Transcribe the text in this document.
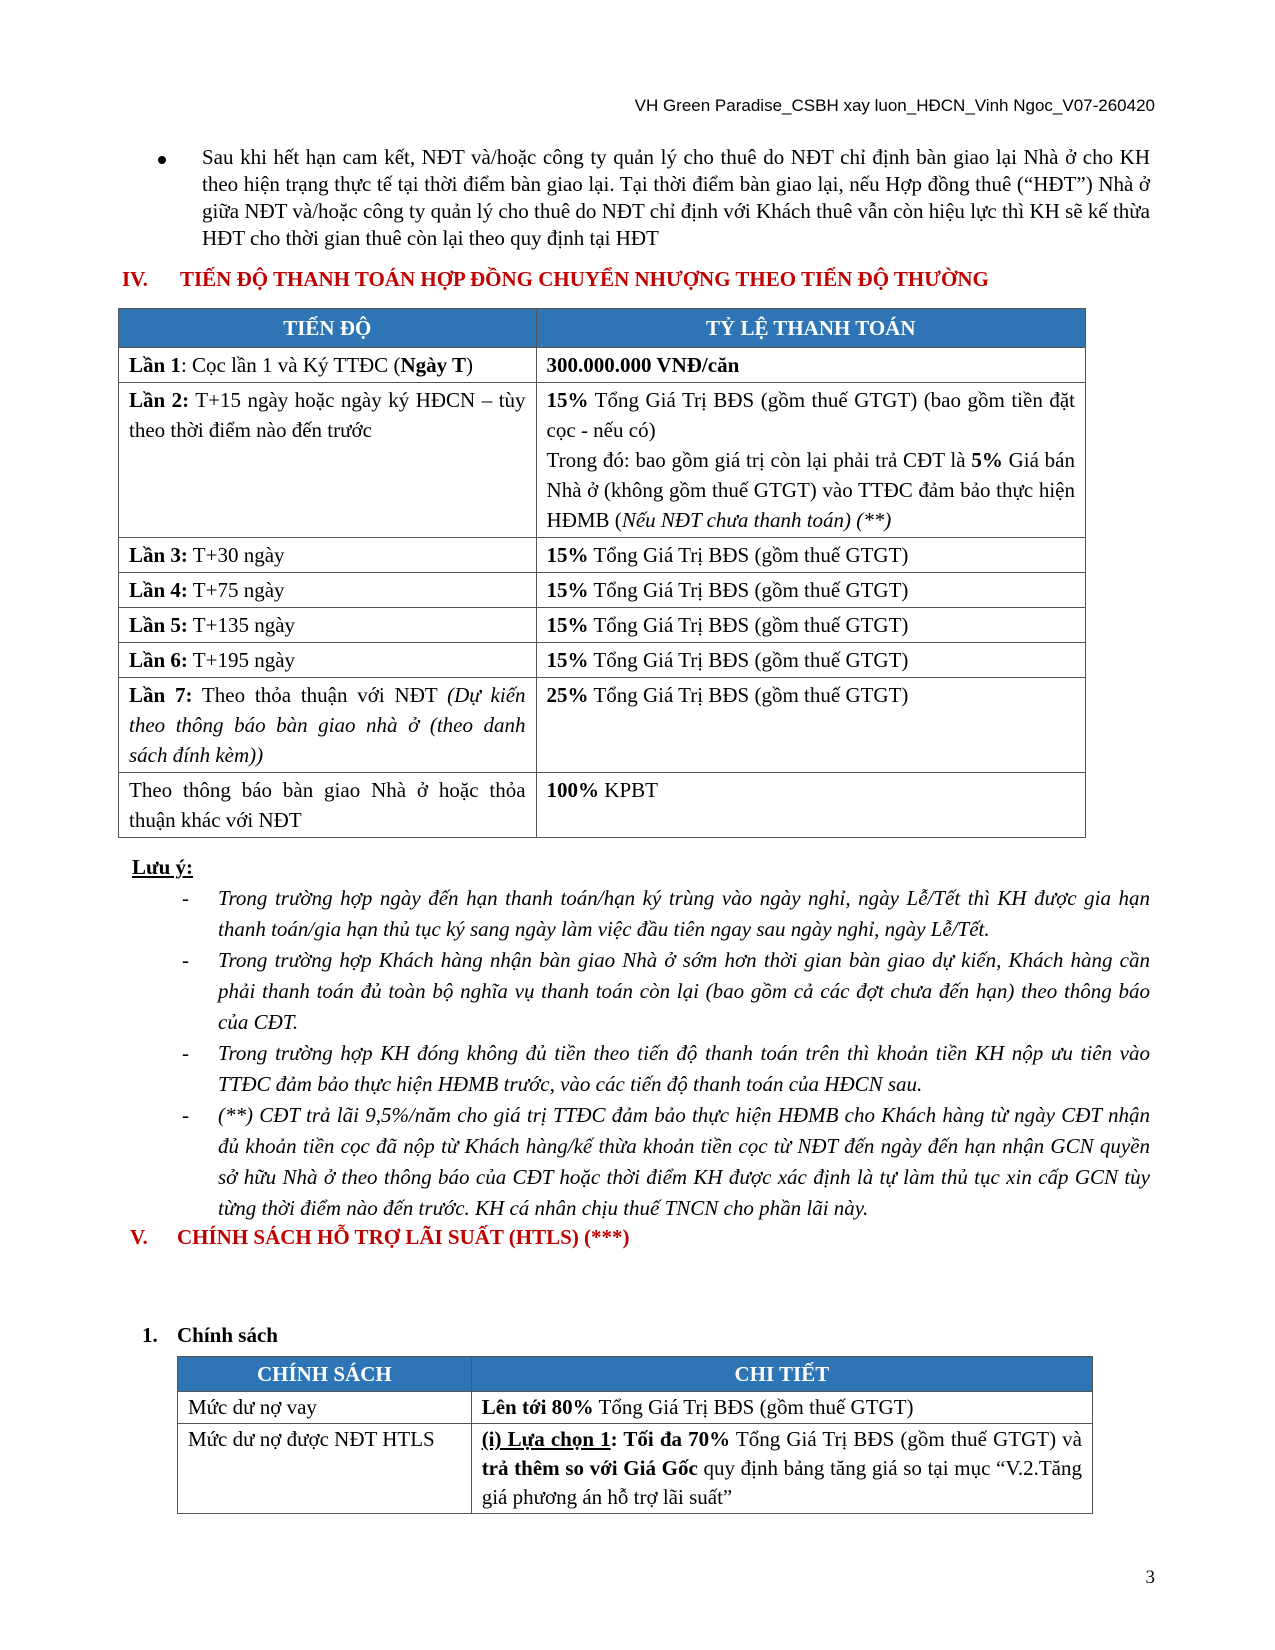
VH Green Paradise_CSBH xay luon_HĐCN_Vinh Ngoc_V07-260420
Sau khi hết hạn cam kết, NĐT và/hoặc công ty quản lý cho thuê do NĐT chỉ định bàn giao lại Nhà ở cho KH theo hiện trạng thực tế tại thời điểm bàn giao lại. Tại thời điểm bàn giao lại, nếu Hợp đồng thuê (“HĐT”) Nhà ở giữa NĐT và/hoặc công ty quản lý cho thuê do NĐT chỉ định với Khách thuê vẫn còn hiệu lực thì KH sẽ kế thừa HĐT cho thời gian thuê còn lại theo quy định tại HĐT
IV. TIẾN ĐỘ THANH TOÁN HỢP ĐỒNG CHUYỂN NHƯỢNG THEO TIẾN ĐỘ THƯỜNG
TIẾN ĐỘ	TỶ LỆ THANH TOÁN
Lần 1: Cọc lần 1 và Ký TTĐC (Ngày T)	300.000.000 VNĐ/căn
Lần 2: T+15 ngày hoặc ngày ký HĐCN – tùy theo thời điểm nào đến trước	15% Tổng Giá Trị BĐS (gồm thuế GTGT) (bao gồm tiền đặt cọc - nếu có)
Trong đó: bao gồm giá trị còn lại phải trả CĐT là 5% Giá bán Nhà ở (không gồm thuế GTGT) vào TTĐC đảm bảo thực hiện HĐMB (Nếu NĐT chưa thanh toán) (**)

Lần 3: T+30 ngày	15% Tổng Giá Trị BĐS (gồm thuế GTGT)
Lần 4: T+75 ngày	15% Tổng Giá Trị BĐS (gồm thuế GTGT)
Lần 5: T+135 ngày	15% Tổng Giá Trị BĐS (gồm thuế GTGT)
Lần 6: T+195 ngày	15% Tổng Giá Trị BĐS (gồm thuế GTGT)
Lần 7: Theo thỏa thuận với NĐT (Dự kiến theo thông báo bàn giao nhà ở (theo danh sách đính kèm))	25% Tổng Giá Trị BĐS (gồm thuế GTGT)
Theo thông báo bàn giao Nhà ở hoặc thỏa thuận khác với NĐT	100% KPBT
Lưu ý:
- Trong trường hợp ngày đến hạn thanh toán/hạn ký trùng vào ngày nghỉ, ngày Lễ/Tết thì KH được gia hạn thanh toán/gia hạn thủ tục ký sang ngày làm việc đầu tiên ngay sau ngày nghỉ, ngày Lễ/Tết.
- Trong trường hợp Khách hàng nhận bàn giao Nhà ở sớm hơn thời gian bàn giao dự kiến, Khách hàng cần phải thanh toán đủ toàn bộ nghĩa vụ thanh toán còn lại (bao gồm cả các đợt chưa đến hạn) theo thông báo của CĐT.
- Trong trường hợp KH đóng không đủ tiền theo tiến độ thanh toán trên thì khoản tiền KH nộp ưu tiên vào TTĐC đảm bảo thực hiện HĐMB trước, vào các tiến độ thanh toán của HĐCN sau.
- (**) CĐT trả lãi 9,5%/năm cho giá trị TTĐC đảm bảo thực hiện HĐMB cho Khách hàng từ ngày CĐT nhận đủ khoản tiền cọc đã nộp từ Khách hàng/kế thừa khoản tiền cọc từ NĐT đến ngày đến hạn nhận GCN quyền sở hữu Nhà ở theo thông báo của CĐT hoặc thời điểm KH được xác định là tự làm thủ tục xin cấp GCN tùy từng thời điểm nào đến trước. KH cá nhân chịu thuế TNCN cho phần lãi này.
V. CHÍNH SÁCH HỖ TRỢ LÃI SUẤT (HTLS) (***)
1. Chính sách
CHÍNH SÁCH	CHI TIẾT
Mức dư nợ vay	Lên tới 80% Tổng Giá Trị BĐS (gồm thuế GTGT)
Mức dư nợ được NĐT HTLS	(i) Lựa chọn 1: Tối đa 70% Tổng Giá Trị BĐS (gồm thuế GTGT) và trả thêm so với Giá Gốc quy định bảng tăng giá so tại mục “V.2.Tăng giá phương án hỗ trợ lãi suất”
3
